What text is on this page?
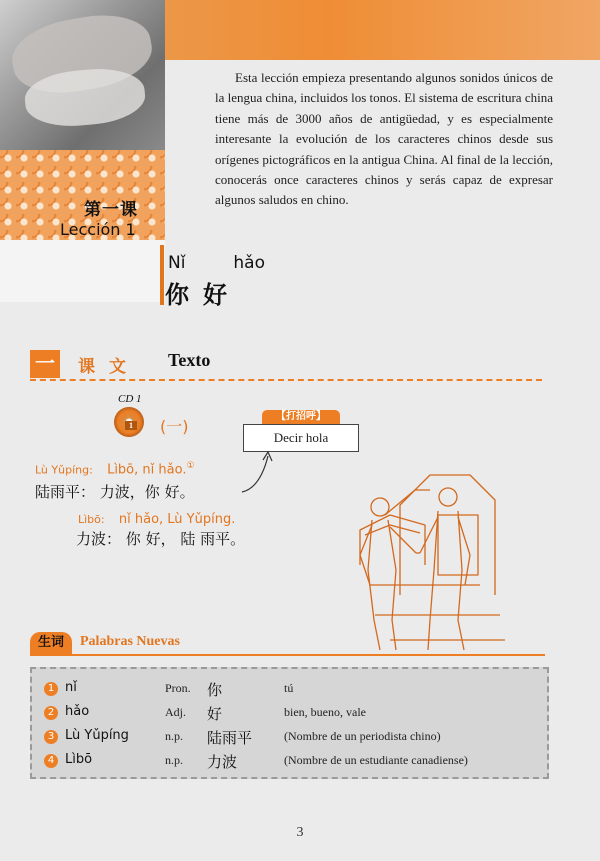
第一课
Lección 1

Esta lección empieza presentando algunos sonidos únicos de la lengua china, incluidos los tonos. El sistema de escritura china tiene más de 3000 años de antigüedad, y es especialmente interesante la evolución de los caracteres chinos desde sus orígenes pictográficos en la antigua China. Al final de la lección, conocerás once caracteres chinos y serás capaz de expresar algunos saludos en chino.

Nǐ	hǎo
你好
一 课文 Texto
CD 1
1 (一)
【打招呼】
Decir hola
Lù Yǔpíng: Lìbō, nǐ hǎo.①
陆雨平： 力波，你 好。
Lìbō: nǐ hǎo, Lù Yǔpíng.
力波： 你 好， 陆 雨平。
生词	Palabras Nuevas
1 nǐ	Pron. 你	tú
2 hǎo	Adj. 好	bien, bueno, vale
3 Lù Yǔpíng	n.p. 陆雨平	(Nombre de un periodista chino)
4 Lìbō	n.p. 力波	(Nombre de un estudiante canadiense)
3
